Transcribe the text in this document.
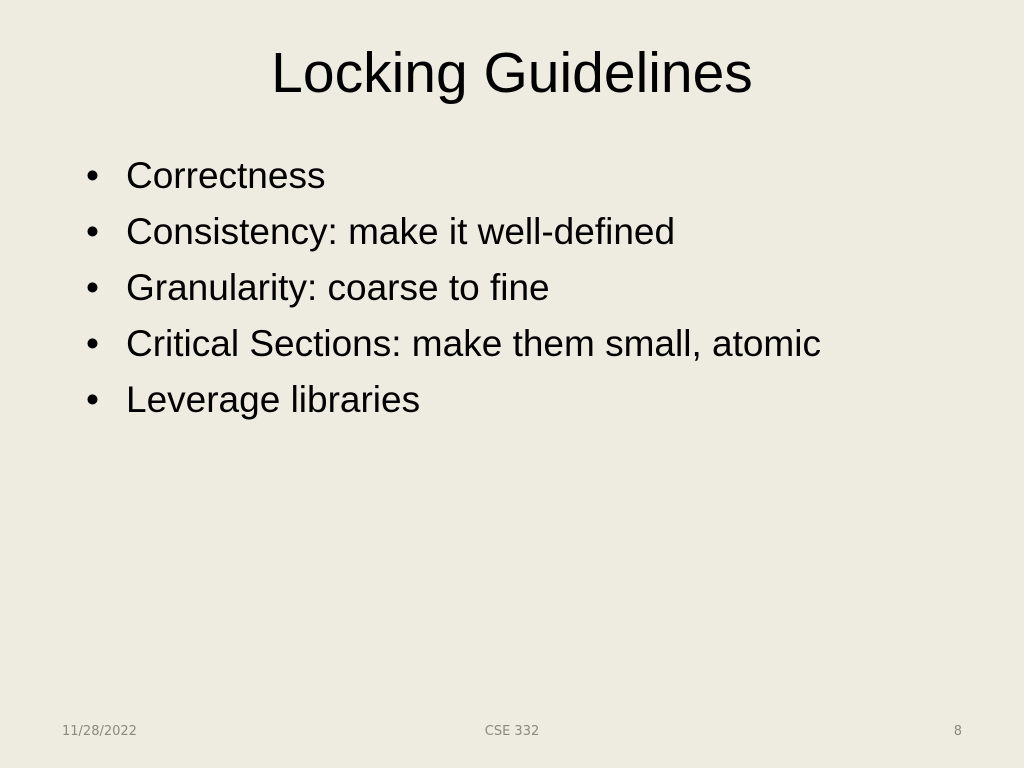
Locking Guidelines
• Correctness
• Consistency: make it well-defined
• Granularity: coarse to fine
• Critical Sections: make them small, atomic
• Leverage libraries
11/28/2022	CSE 332	8
